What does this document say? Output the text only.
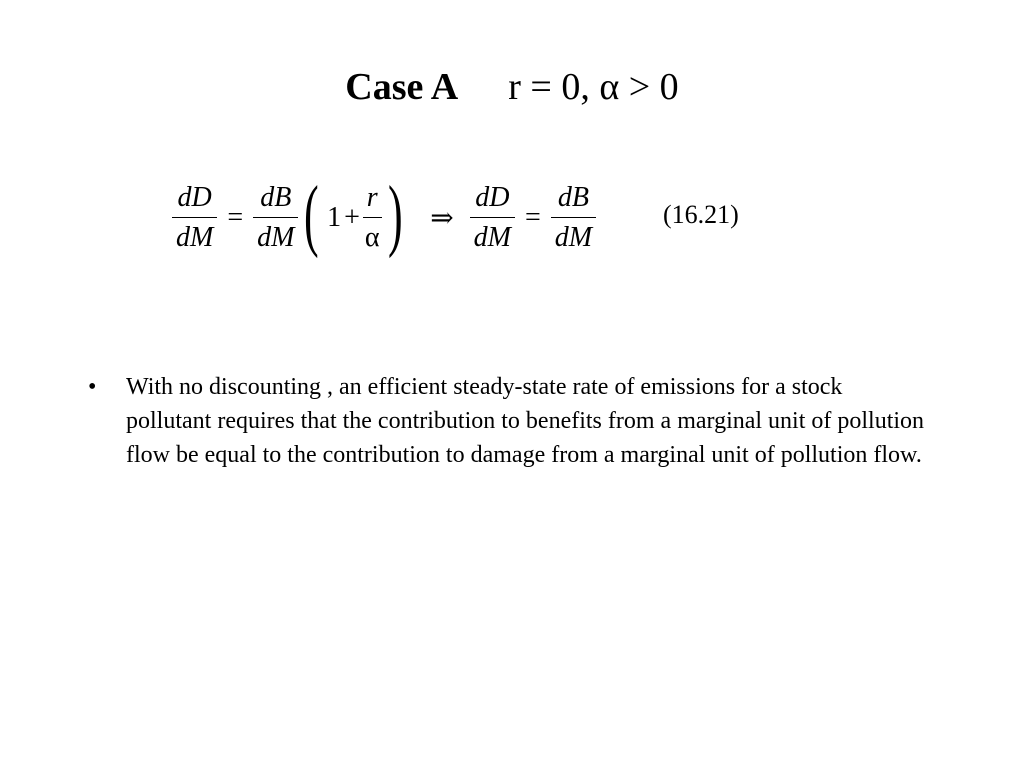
Case A r = 0, α > 0
$\frac{dD}{dM} = \frac{dB}{dM}$ ( $1 + \frac{r}{\alpha}$ ) ⇒ $\frac{dD}{dM} = \frac{dB}{dM}$	(16.21)
• With no discounting , an efficient steady-state rate of emissions for a stock pollutant requires that the contribution to benefits from a marginal unit of pollution flow be equal to the contribution to damage from a marginal unit of pollution flow.
